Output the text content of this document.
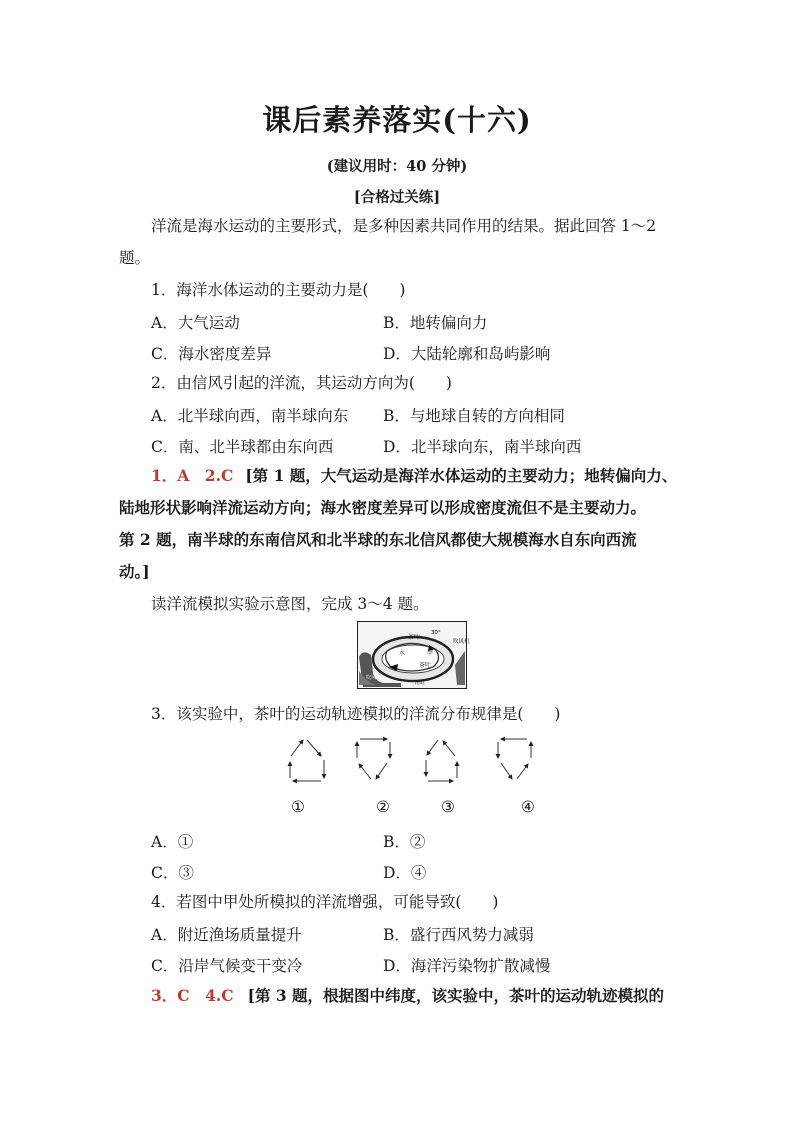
课后素养落实(十六)
(建议用时：40 分钟)
[合格过关练]
洋流是海水运动的主要形式，是多种因素共同作用的结果。据此回答 1～2
题。
1．海洋水体运动的主要动力是(　　)
A．大气运动	B．地转偏向力
C．海水密度差异	D．大陆轮廓和岛屿影响
2．由信风引起的洋流，其运动方向为(　　)
A．北半球向西，南半球向东 B．与地球自转的方向相同
C．南、北半球都由东向西	D．北半球向东，南半球向西
1．A　2.C [第 1 题，大气运动是海洋水体运动的主要动力；地转偏向力、
陆地形状影响洋流运动方向；海水密度差异可以形成密度流但不是主要动力。
第 2 题，南半球的东南信风和北半球的东北信风都使大规模海水自东向西流
动。]
读洋流模拟实验示意图，完成 3～4 题。
茶叶
水
茶叶
甲
30°
吹风机
吹风机
溶缸
3．该实验中，茶叶的运动轨迹模拟的洋流分布规律是(　　)
①	②	③	④
A．①	B．②
C．③	D．④
4．若图中甲处所模拟的洋流增强，可能导致(　　)
A．附近渔场质量提升	B．盛行西风势力减弱
C．沿岸气候变干变冷	D．海洋污染物扩散减慢
3．C　4.C [第 3 题，根据图中纬度，该实验中，茶叶的运动轨迹模拟的
